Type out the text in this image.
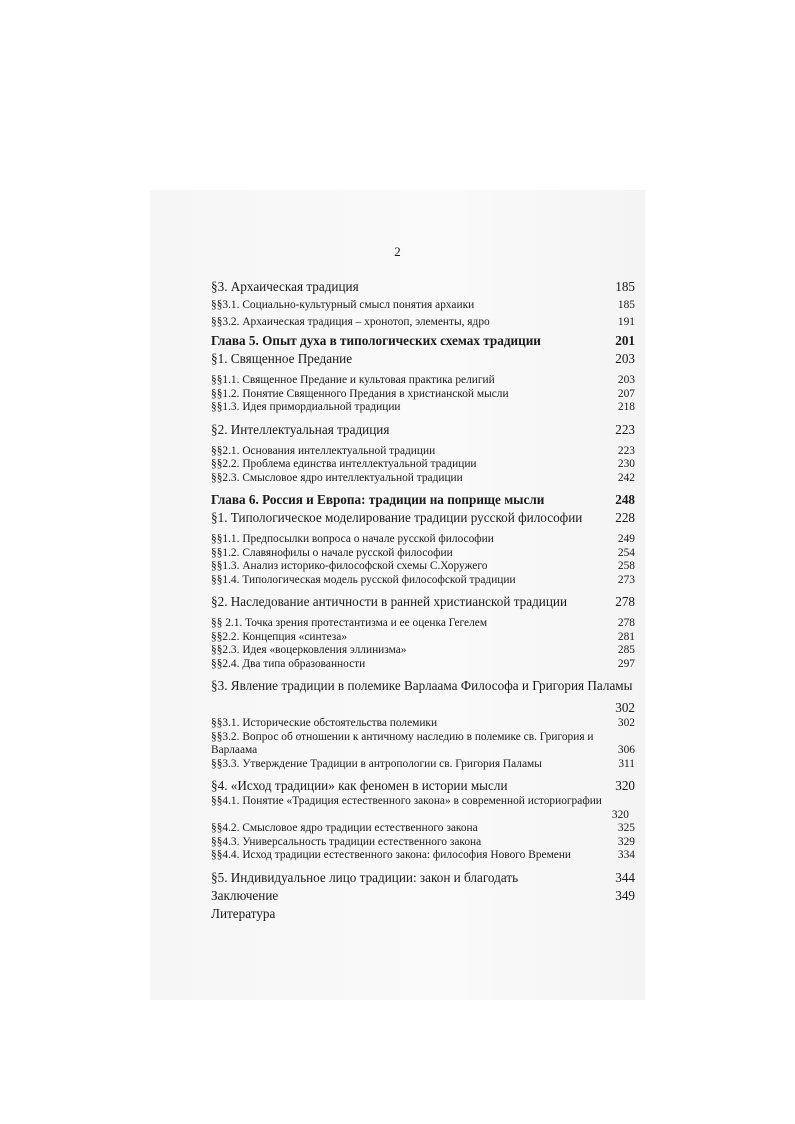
2
§3. Архаическая традиция	185
§§3.1. Социально-культурный смысл понятия архаики	185
§§3.2. Архаическая традиция – хронотоп, элементы, ядро	191
Глава 5. Опыт духа в типологических схемах традиции	201
§1. Священное Предание	203
§§1.1. Священное Предание и культовая практика религий	203
§§1.2. Понятие Священного Предания в христианской мысли	207
§§1.3. Идея примордиальной традиции	218
§2. Интеллектуальная традиция	223
§§2.1. Основания интеллектуальной традиции	223
§§2.2. Проблема единства интеллектуальной традиции	230
§§2.3. Смысловое ядро интеллектуальной традиции	242
Глава 6. Россия и Европа: традиции на поприще мысли	248
§1. Типологическое моделирование традиции русской философии	228
§§1.1. Предпосылки вопроса о начале русской философии	249
§§1.2. Славянофилы о начале русской философии	254
§§1.3. Анализ историко-философской схемы С.Хоружего	258
§§1.4. Типологическая модель русской философской традиции	273
§2. Наследование античности в ранней христианской традиции	278
§§ 2.1. Точка зрения протестантизма и ее оценка Гегелем	278
§§2.2. Концепция «синтеза»	281
§§2.3. Идея «воцерковления эллинизма»	285
§§2.4. Два типа образованности	297
§3. Явление традиции в полемике Варлаама Философа и Григория Паламы
302
§§3.1. Исторические обстоятельства полемики	302
§§3.2. Вопрос об отношении к античному наследию в полемике св. Григория и
Варлаама	306
§§3.3. Утверждение Традиции в антропологии св. Григория Паламы	311
§4. «Исход традиции» как феномен в истории мысли	320
§§4.1. Понятие «Традиция естественного закона» в современной историографии
320
§§4.2. Смысловое ядро традиции естественного закона	325
§§4.3. Универсальность традиции естественного закона	329
§§4.4. Исход традиции естественного закона: философия Нового Времени	334
§5. Индивидуальное лицо традиции: закон и благодать	344
Заключение	349
Литература
